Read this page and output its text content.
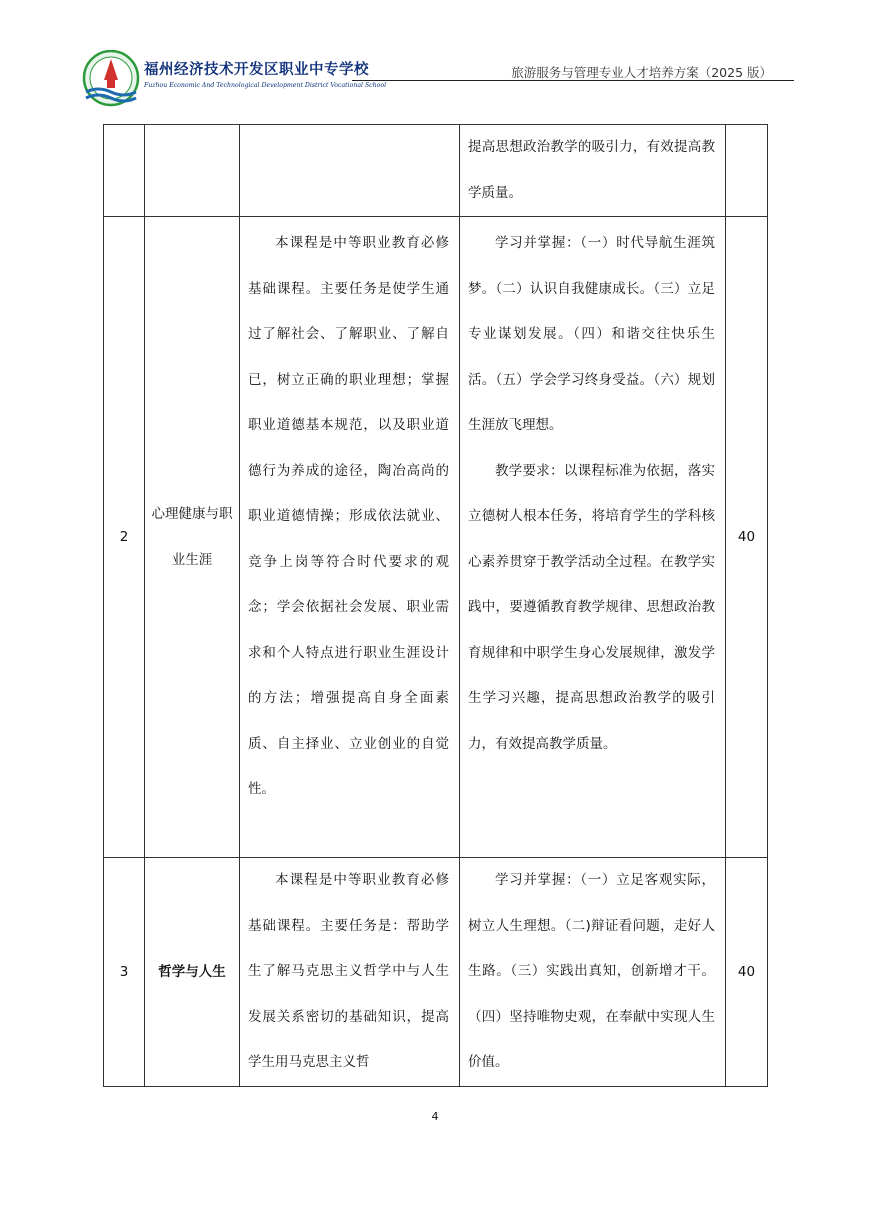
福州经济技术开发区职业中专学校
Fuzhou Economic And Technological Development District Vocational School
旅游服务与管理专业人才培养方案（2025 版）

			提高思想政治教学的吸引力，有效提高教学质量。	

2	心理健康与职业生涯	本课程是中等职业教育必修基础课程。主要任务是使学生通过了解社会、了解职业、了解自已，树立正确的职业理想；掌握职业道德基本规范，以及职业道德行为养成的途径，陶冶高尚的职业道德情操；形成依法就业、竞争上岗等符合时代要求的观念；学会依据社会发展、职业需求和个人特点进行职业生涯设计的方法；增强提高自身全面素质、自主择业、立业创业的自觉性。	学习并掌握：（一）时代导航生涯筑梦。（二）认识自我健康成长。（三）立足专业谋划发展。（四）和谐交往快乐生活。（五）学会学习终身受益。（六）规划生涯放飞理想。
教学要求：以课程标准为依据，落实立德树人根本任务，将培育学生的学科核心素养贯穿于教学活动全过程。在教学实践中，要遵循教育教学规律、思想政治教育规律和中职学生身心发展规律，激发学生学习兴趣，提高思想政治教学的吸引力，有效提高教学质量。	40
3	哲学与人生	本课程是中等职业教育必修基础课程。主要任务是：帮助学生了解马克思主义哲学中与人生发展关系密切的基础知识，提高学生用马克思主义哲	学习并掌握：（一）立足客观实际，树立人生理想。（二)辩证看问题，走好人生路。（三）实践出真知，创新增才干。（四）坚持唯物史观，在奉献中实现人生价值。	40
4
